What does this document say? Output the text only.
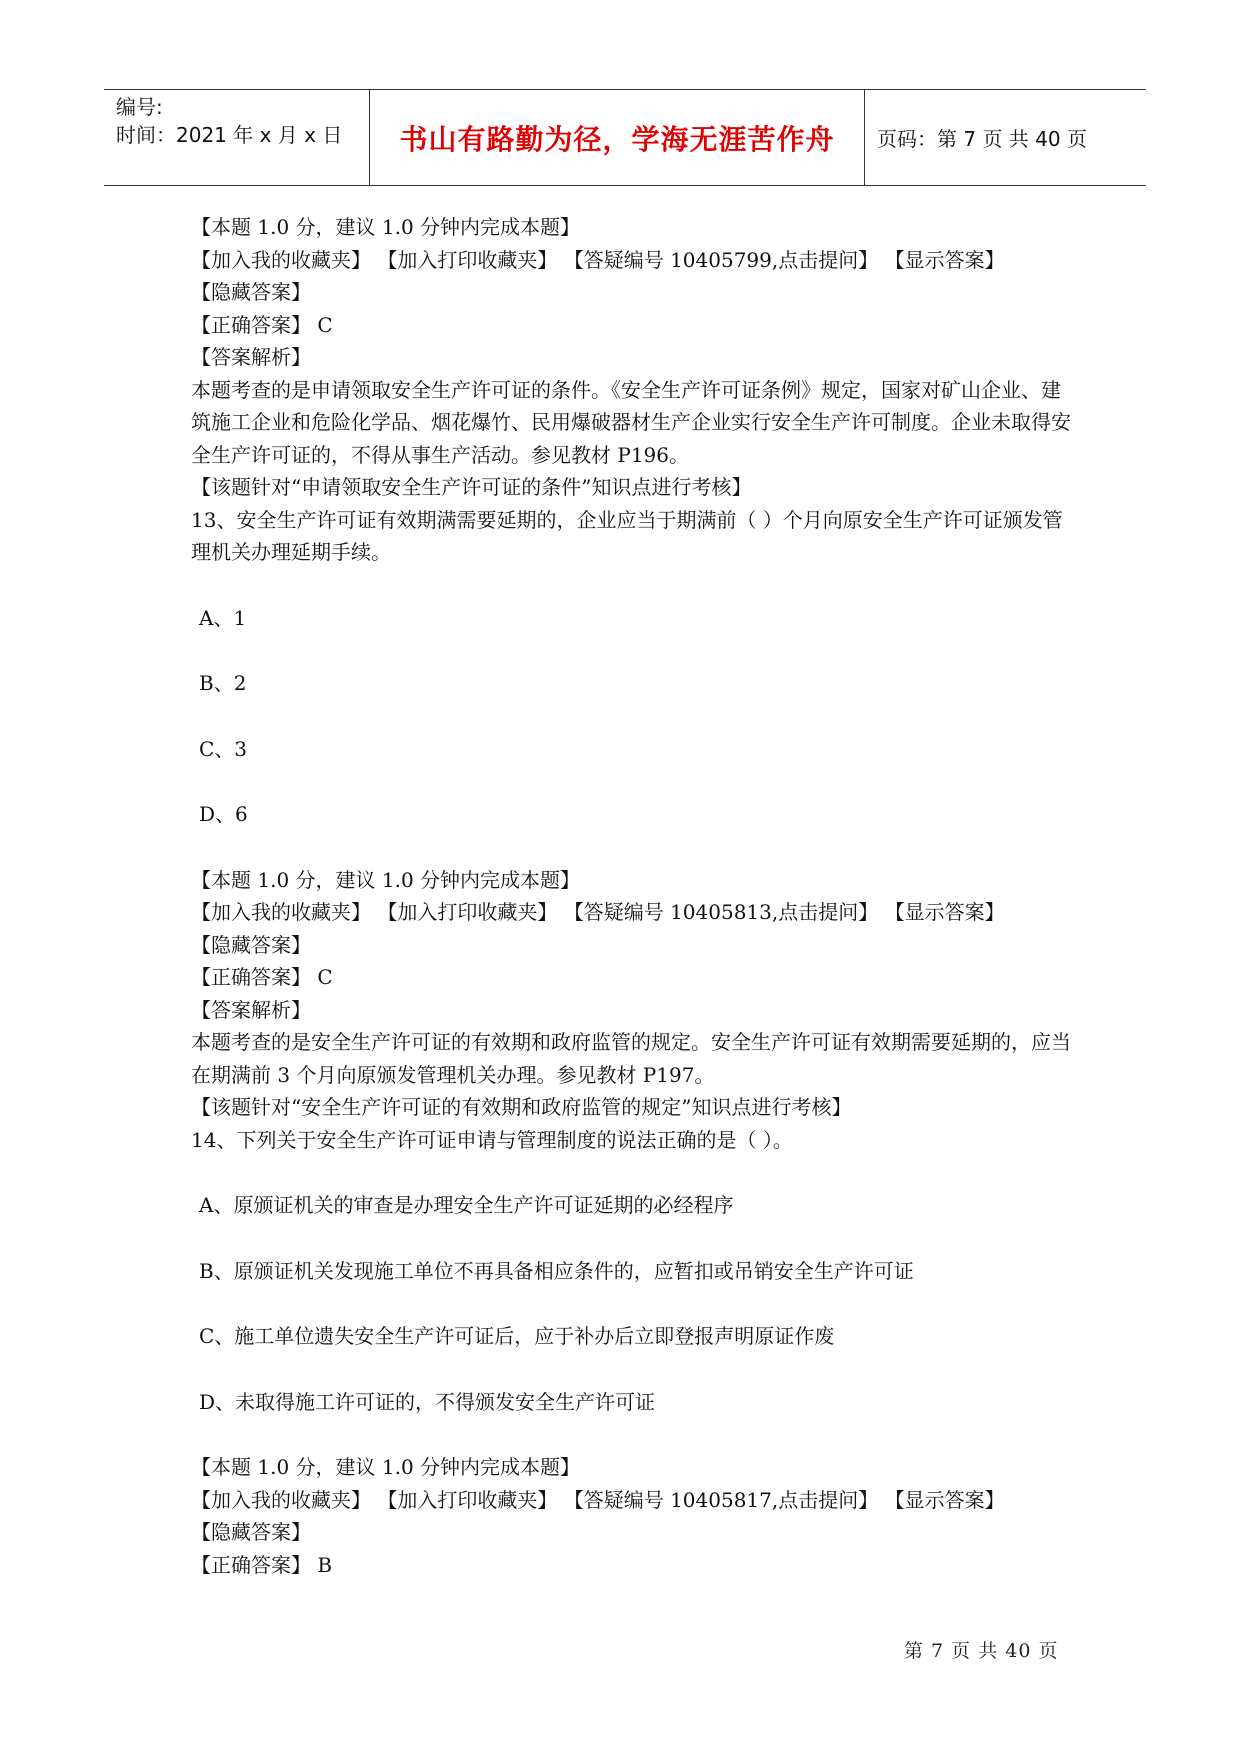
编号:
时间：2021 年 x 月 x 日	书山有路勤为径，学海无涯苦作舟 页码：第 7 页 共 40 页
【本题 1.0 分，建议 1.0 分钟内完成本题】
【加入我的收藏夹】 【加入打印收藏夹】 【答疑编号 10405799,点击提问】 【显示答案】
【隐藏答案】
【正确答案】 C
【答案解析】
本题考查的是申请领取安全生产许可证的条件。《安全生产许可证条例》规定，国家对矿山企业、建筑施工企业和危险化学品、烟花爆竹、民用爆破器材生产企业实行安全生产许可制度。企业未取得安全生产许可证的，不得从事生产活动。参见教材 P196。
【该题针对“申请领取安全生产许可证的条件”知识点进行考核】
13、安全生产许可证有效期满需要延期的，企业应当于期满前（ ）个月向原安全生产许可证颁发管理机关办理延期手续。
A、1
B、2
C、3
D、6
【本题 1.0 分，建议 1.0 分钟内完成本题】
【加入我的收藏夹】 【加入打印收藏夹】 【答疑编号 10405813,点击提问】 【显示答案】
【隐藏答案】
【正确答案】 C
【答案解析】
本题考查的是安全生产许可证的有效期和政府监管的规定。安全生产许可证有效期需要延期的，应当在期满前 3 个月向原颁发管理机关办理。参见教材 P197。
【该题针对“安全生产许可证的有效期和政府监管的规定”知识点进行考核】
14、下列关于安全生产许可证申请与管理制度的说法正确的是（ ）。
A、原颁证机关的审查是办理安全生产许可证延期的必经程序
B、原颁证机关发现施工单位不再具备相应条件的，应暂扣或吊销安全生产许可证
C、施工单位遗失安全生产许可证后，应于补办后立即登报声明原证作废
D、未取得施工许可证的，不得颁发安全生产许可证
【本题 1.0 分，建议 1.0 分钟内完成本题】
【加入我的收藏夹】 【加入打印收藏夹】 【答疑编号 10405817,点击提问】 【显示答案】
【隐藏答案】
【正确答案】 B
第 7 页 共 40 页
